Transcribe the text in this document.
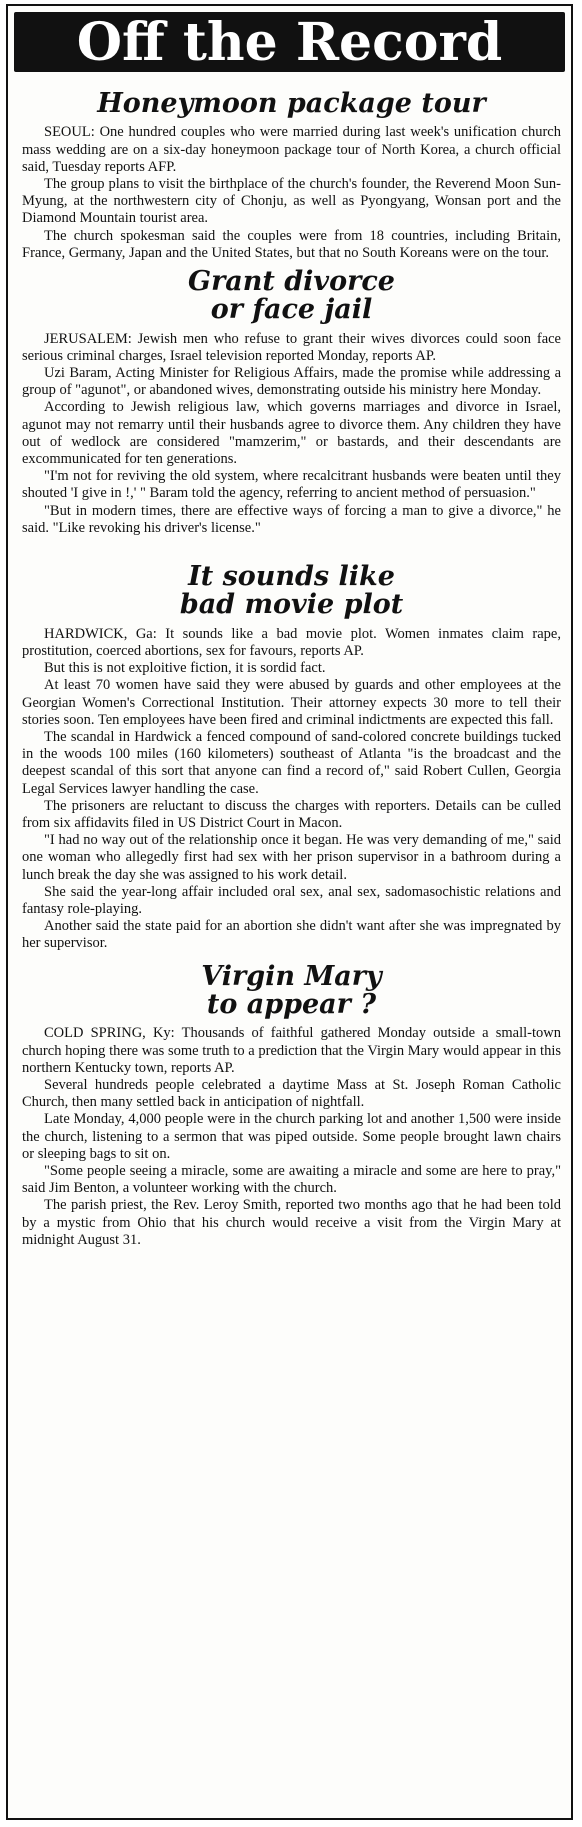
Off the Record
Honeymoon package tour

SEOUL: One hundred couples who were married during last week's unification church mass wedding are on a six-day honeymoon package tour of North Korea, a church official said, Tuesday reports AFP.

The group plans to visit the birthplace of the church's founder, the Reverend Moon Sun-Myung, at the northwestern city of Chonju, as well as Pyongyang, Wonsan port and the Diamond Mountain tourist area.

The church spokesman said the couples were from 18 countries, including Britain, France, Germany, Japan and the United States, but that no South Koreans were on the tour.

Grant divorce
or face jail

JERUSALEM: Jewish men who refuse to grant their wives divorces could soon face serious criminal charges, Israel television reported Monday, reports AP.

Uzi Baram, Acting Minister for Religious Affairs, made the promise while addressing a group of "agunot", or abandoned wives, demonstrating outside his ministry here Monday.

According to Jewish religious law, which governs marriages and divorce in Israel, agunot may not remarry until their husbands agree to divorce them. Any children they have out of wedlock are considered "mamzerim," or bastards, and their descendants are excommunicated for ten generations.

"I'm not for reviving the old system, where recalcitrant husbands were beaten until they shouted 'I give in !,' " Baram told the agency, referring to ancient method of persuasion."

"But in modern times, there are effective ways of forcing a man to give a divorce," he said. "Like revoking his driver's license."

It sounds like
bad movie plot

HARDWICK, Ga: It sounds like a bad movie plot. Women inmates claim rape, prostitution, coerced abortions, sex for favours, reports AP.

But this is not exploitive fiction, it is sordid fact.

At least 70 women have said they were abused by guards and other employees at the Georgian Women's Correctional Institution. Their attorney expects 30 more to tell their stories soon. Ten employees have been fired and criminal indictments are expected this fall.

The scandal in Hardwick a fenced compound of sand-colored concrete buildings tucked in the woods 100 miles (160 kilometers) southeast of Atlanta "is the broadcast and the deepest scandal of this sort that anyone can find a record of," said Robert Cullen, Georgia Legal Services lawyer handling the case.

The prisoners are reluctant to discuss the charges with reporters. Details can be culled from six affidavits filed in US District Court in Macon.

"I had no way out of the relationship once it began. He was very demanding of me," said one woman who allegedly first had sex with her prison supervisor in a bathroom during a lunch break the day she was assigned to his work detail.

She said the year-long affair included oral sex, anal sex, sadomasochistic relations and fantasy role-playing.

Another said the state paid for an abortion she didn't want after she was impregnated by her supervisor.

Virgin Mary
to appear ?

COLD SPRING, Ky: Thousands of faithful gathered Monday outside a small-town church hoping there was some truth to a prediction that the Virgin Mary would appear in this northern Kentucky town, reports AP.

Several hundreds people celebrated a daytime Mass at St. Joseph Roman Catholic Church, then many settled back in anticipation of nightfall.

Late Monday, 4,000 people were in the church parking lot and another 1,500 were inside the church, listening to a sermon that was piped outside. Some people brought lawn chairs or sleeping bags to sit on.

"Some people seeing a miracle, some are awaiting a miracle and some are here to pray," said Jim Benton, a volunteer working with the church.

The parish priest, the Rev. Leroy Smith, reported two months ago that he had been told by a mystic from Ohio that his church would receive a visit from the Virgin Mary at midnight August 31.
